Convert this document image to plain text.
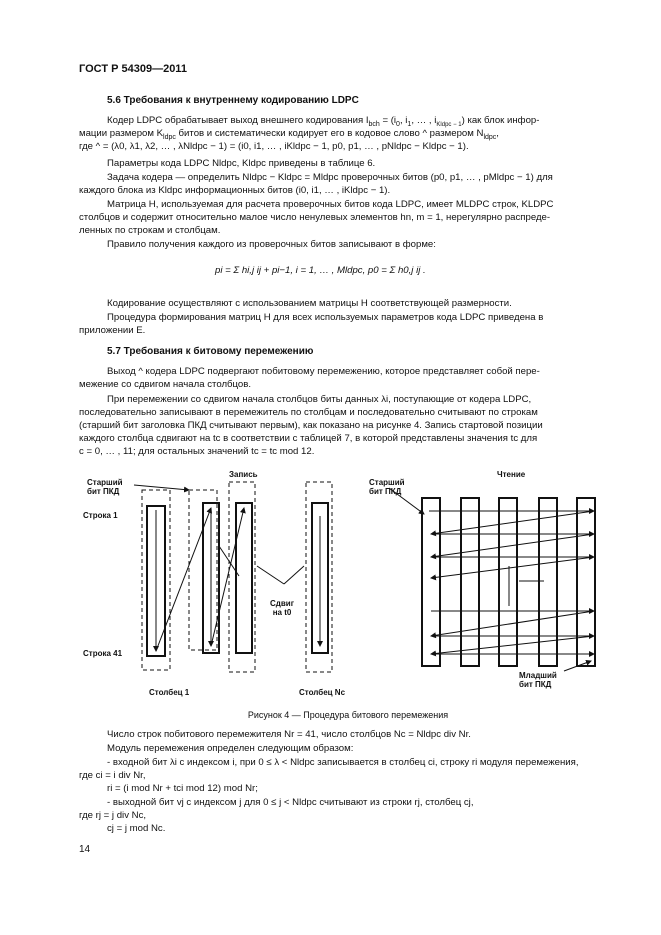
ГОСТ Р 54309—2011
5.6 Требования к внутреннему кодированию LDPC
Кодер LDPC обрабатывает выход внешнего кодирования $I_{bch} = (i_0$, $i_1$, … , $i_{Kldpc - 1}$) как блок инфор-
мации размером $K_{ldpc}$ битов и систематически кодирует его в кодовое слово ^ размером $N_{ldpc}$,
где ^ = (λ0, λ1, λ2, … , λNldpc − 1) = (i0, i1, … , iKldpc − 1, p0, p1, … , pNldpc − Kldpc − 1).
Параметры кода LDPC Nldpc, Kldpc приведены в таблице 6.
Задача кодера — определить Nldpc − Kldpc = Mldpc проверочных битов (p0, p1, … , pMldpc − 1) для
каждого блока из Kldpc информационных битов (i0, i1, … , iKldpc − 1).
Матрица H, используемая для расчета проверочных битов кода LDPC, имеет MLDPC строк, KLDPC
столбцов и содержит относительно малое число ненулевых элементов hn, m = 1, нерегулярно распреде-
ленных по строкам и столбцам.
Правило получения каждого из проверочных битов записывают в форме:
pi = Σ hi,j ij + pi−1, i = 1, … , Mldpc, p0 = Σ h0,j ij .
Кодирование осуществляют с использованием матрицы H соответствующей размерности.
Процедура формирования матриц H для всех используемых параметров кода LDPC приведена в
приложении Е.
5.7 Требования к битовому перемежению
Выход ^ кодера LDPC подвергают побитовому перемежению, которое представляет собой пере-
межение со сдвигом начала столбцов.
При перемежении со сдвигом начала столбцов биты данных λi, поступающие от кодера LDPC,
последовательно записывают в перемежитель по столбцам и последовательно считывают по строкам
(старший бит заголовка ПКД считывают первым), как показано на рисунке 4. Запись стартовой позиции
каждого столбца сдвигают на tc в соответствии с таблицей 7, в которой представлены значения tc для
c = 0, … , 11; для остальных значений tc = tc mod 12.
Запись	Чтение
Старший
бит ПКД
Строка 1
Строка 41
Сдвиг
на t0
Столбец 1	Столбец Nc
Старший
бит ПКД
Младший
бит ПКД
Рисунок 4 — Процедура битового перемежения
Число строк побитового перемежителя Nr = 41, число столбцов Nc = Nldpc div Nr.
Модуль перемежения определен следующим образом:
- входной бит λi с индексом i, при 0 ≤ λ < Nldpc записывается в столбец ci, строку ri модуля перемежения,
где ci = i div Nr,
ri = (i mod Nr + tci mod 12) mod Nr;
- выходной бит vj с индексом j для 0 ≤ j < Nldpc считывают из строки rj, столбец cj,
где rj = j div Nc,
cj = j mod Nc.
14
